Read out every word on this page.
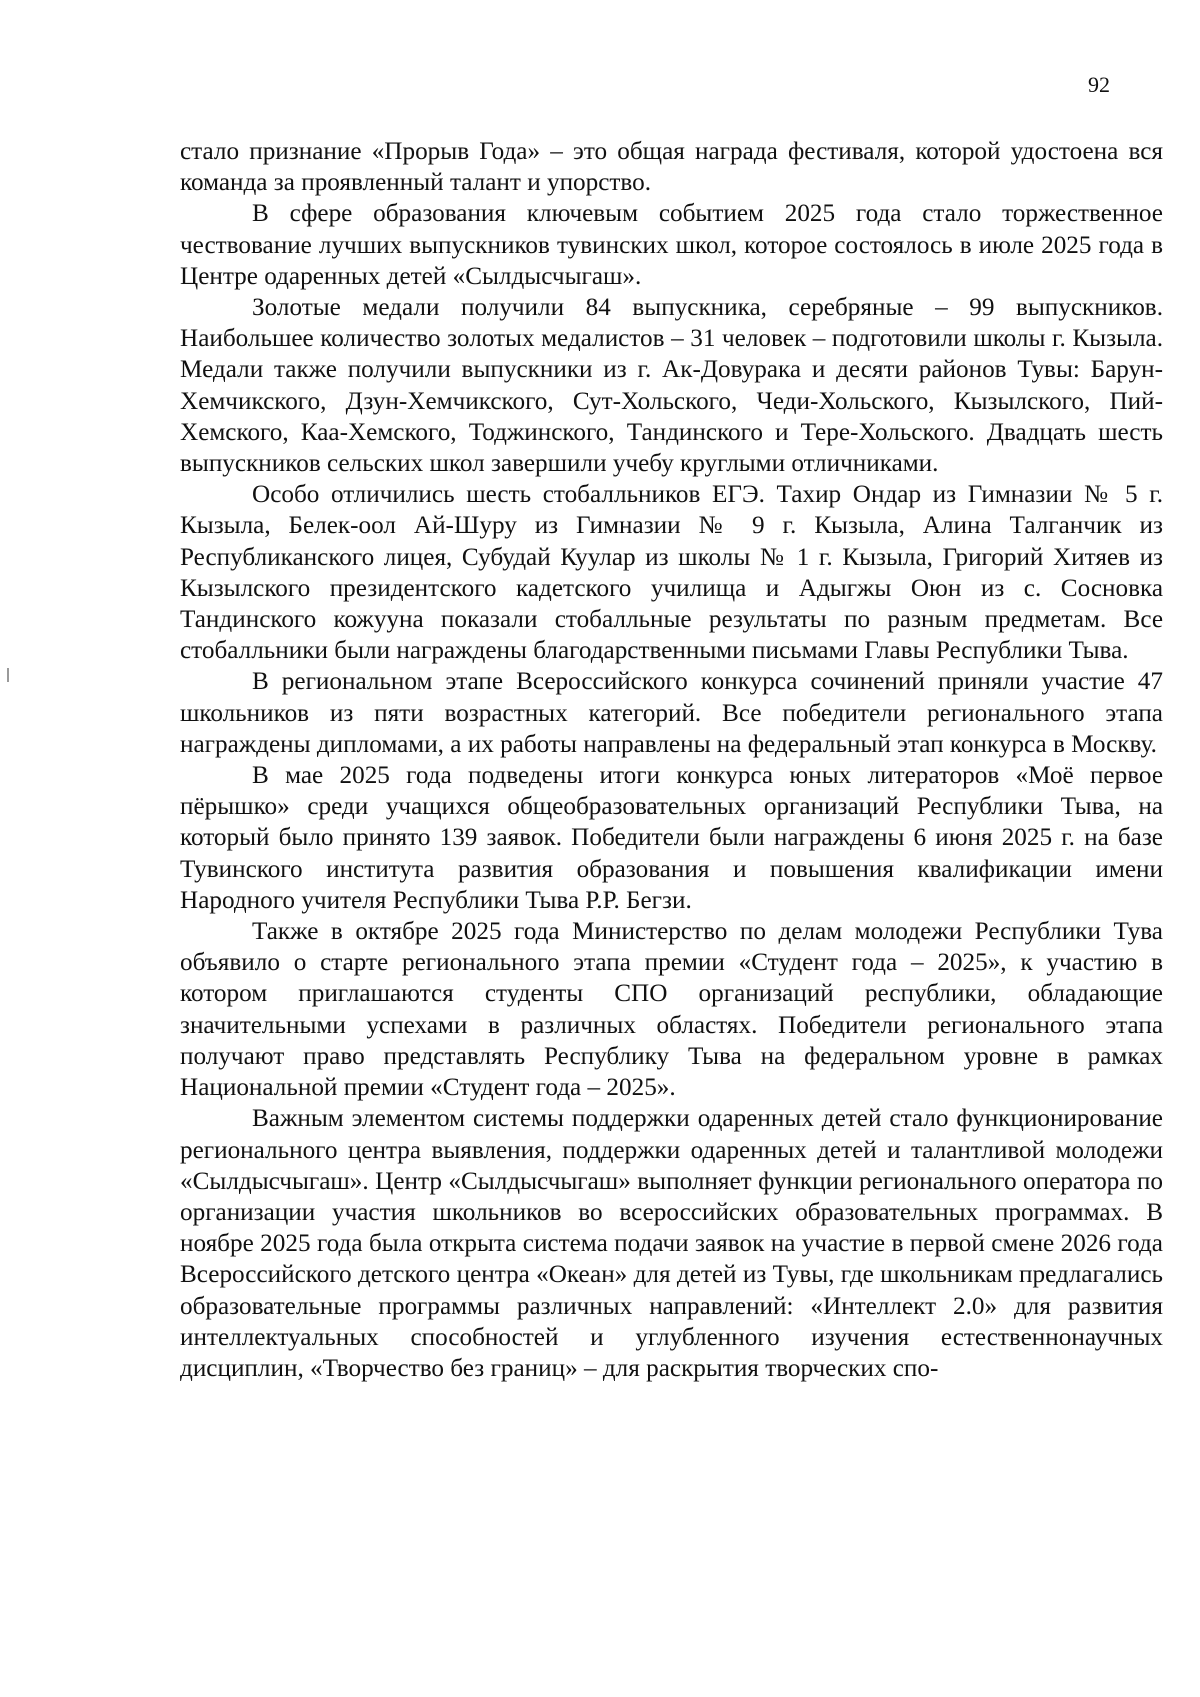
92

стало признание «Прорыв Года» – это общая награда фестиваля, которой удостоена вся команда за проявленный талант и упорство.

В сфере образования ключевым событием 2025 года стало торжественное чествование лучших выпускников тувинских школ, которое состоялось в июле 2025 года в Центре одаренных детей «Сылдысчыгаш».

Золотые медали получили 84 выпускника, серебряные – 99 выпускников. Наибольшее количество золотых медалистов – 31 человек – подготовили школы г. Кызыла. Медали также получили выпускники из г. Ак-Довурака и десяти районов Тувы: Барун-Хемчикского, Дзун-Хемчикского, Сут-Хольского, Чеди-Хольского, Кызылского, Пий-Хемского, Каа-Хемского, Тоджинского, Тандинского и Тере-Хольского. Двадцать шесть выпускников сельских школ завершили учебу круглыми отличниками.

Особо отличились шесть стобалльников ЕГЭ. Тахир Ондар из Гимназии № 5 г. Кызыла, Белек-оол Ай-Шуру из Гимназии № 9 г. Кызыла, Алина Талганчик из Республиканского лицея, Субудай Куулар из школы № 1 г. Кызыла, Григорий Хитяев из Кызылского президентского кадетского училища и Адыгжы Оюн из с. Сосновка Тандинского кожууна показали стобалльные результаты по разным предметам. Все стобалльники были награждены благодарственными письмами Главы Республики Тыва.

В региональном этапе Всероссийского конкурса сочинений приняли участие 47 школьников из пяти возрастных категорий. Все победители регионального этапа награждены дипломами, а их работы направлены на федеральный этап конкурса в Москву.

В мае 2025 года подведены итоги конкурса юных литераторов «Моё первое пёрышко» среди учащихся общеобразовательных организаций Республики Тыва, на который было принято 139 заявок. Победители были награждены 6 июня 2025 г. на базе Тувинского института развития образования и повышения квалификации имени Народного учителя Республики Тыва Р.Р. Бегзи.

Также в октябре 2025 года Министерство по делам молодежи Республики Тува объявило о старте регионального этапа премии «Студент года – 2025», к участию в котором приглашаются студенты СПО организаций республики, обладающие значительными успехами в различных областях. Победители регионального этапа получают право представлять Республику Тыва на федеральном уровне в рамках Национальной премии «Студент года – 2025».

Важным элементом системы поддержки одаренных детей стало функционирование регионального центра выявления, поддержки одаренных детей и талантливой молодежи «Сылдысчыгаш». Центр «Сылдысчыгаш» выполняет функции регионального оператора по организации участия школьников во всероссийских образовательных программах. В ноябре 2025 года была открыта система подачи заявок на участие в первой смене 2026 года Всероссийского детского центра «Океан» для детей из Тувы, где школьникам предлагались образовательные программы различных направлений: «Интеллект 2.0» для развития интеллектуальных способностей и углубленного изучения естественнонаучных дисциплин, «Творчество без границ» – для раскрытия творческих спо-
